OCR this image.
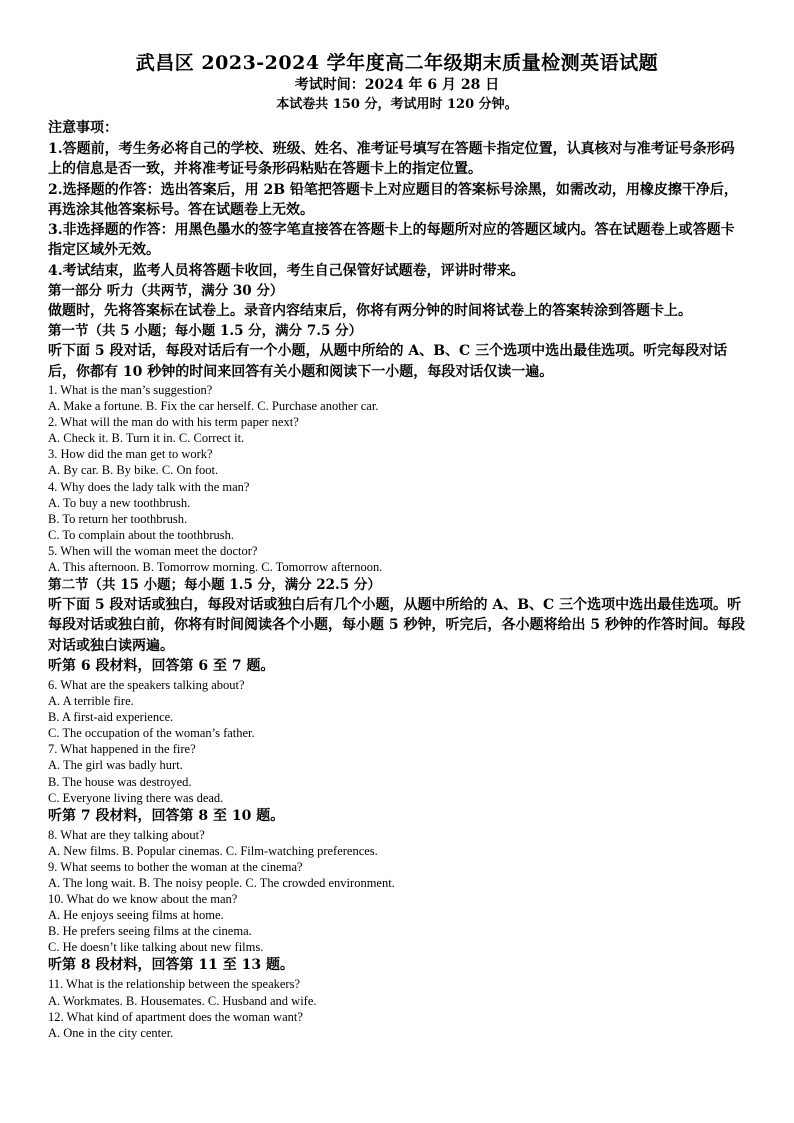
武昌区 2023-2024 学年度高二年级期末质量检测英语试题

考试时间：2024 年 6 月 28 日

本试卷共 150 分，考试用时 120 分钟。

注意事项：

1.答题前，考生务必将自己的学校、班级、姓名、准考证号填写在答题卡指定位置，认真核对与准考证号条形码上的信息是否一致，并将准考证号条形码粘贴在答题卡上的指定位置。

2.选择题的作答：选出答案后，用 2B 铅笔把答题卡上对应题目的答案标号涂黑，如需改动，用橡皮擦干净后，再选涂其他答案标号。答在试题卷上无效。

3.非选择题的作答：用黑色墨水的签字笔直接答在答题卡上的每题所对应的答题区域内。答在试题卷上或答题卡指定区域外无效。

4.考试结束，监考人员将答题卡收回，考生自己保管好试题卷，评讲时带来。

第一部分 听力（共两节，满分 30 分）

做题时，先将答案标在试卷上。录音内容结束后，你将有两分钟的时间将试卷上的答案转涂到答题卡上。

第一节（共 5 小题；每小题 1.5 分，满分 7.5 分）

听下面 5 段对话，每段对话后有一个小题，从题中所给的 A、B、C 三个选项中选出最佳选项。听完每段对话后，你都有 10 秒钟的时间来回答有关小题和阅读下一小题，每段对话仅读一遍。

1. What is the man’s suggestion?

A. Make a fortune. B. Fix the car herself. C. Purchase another car.

2. What will the man do with his term paper next?

A. Check it. B. Turn it in. C. Correct it.

3. How did the man get to work?

A. By car. B. By bike. C. On foot.

4. Why does the lady talk with the man?

A. To buy a new toothbrush.

B. To return her toothbrush.

C. To complain about the toothbrush.

5. When will the woman meet the doctor?

A. This afternoon. B. Tomorrow morning. C. Tomorrow afternoon.

第二节（共 15 小题；每小题 1.5 分，满分 22.5 分）

听下面 5 段对话或独白，每段对话或独白后有几个小题，从题中所给的 A、B、C 三个选项中选出最佳选项。听每段对话或独白前，你将有时间阅读各个小题，每小题 5 秒钟，听完后，各小题将给出 5 秒钟的作答时间。每段对话或独白读两遍。

听第 6 段材料，回答第 6 至 7 题。

6. What are the speakers talking about?

A. A terrible fire.

B. A first-aid experience.

C. The occupation of the woman’s father.

7. What happened in the fire?

A. The girl was badly hurt.

B. The house was destroyed.

C. Everyone living there was dead.

听第 7 段材料，回答第 8 至 10 题。

8. What are they talking about?

A. New films. B. Popular cinemas. C. Film-watching preferences.

9. What seems to bother the woman at the cinema?

A. The long wait. B. The noisy people. C. The crowded environment.

10. What do we know about the man?

A. He enjoys seeing films at home.

B. He prefers seeing films at the cinema.

C. He doesn’t like talking about new films.

听第 8 段材料，回答第 11 至 13 题。

11. What is the relationship between the speakers?

A. Workmates. B. Housemates. C. Husband and wife.

12. What kind of apartment does the woman want?

A. One in the city center.
